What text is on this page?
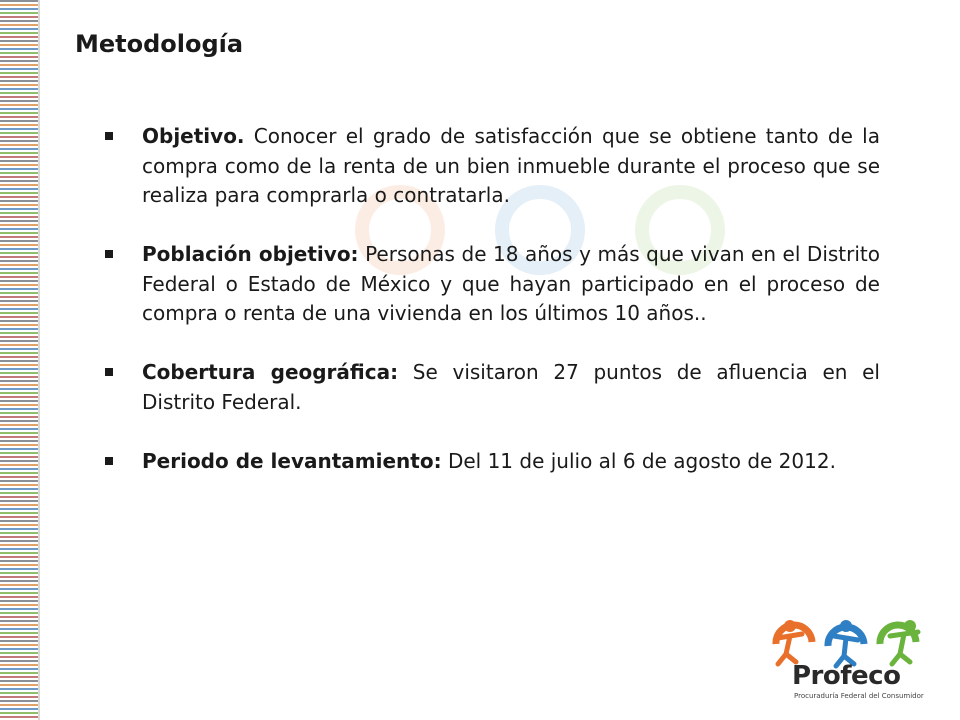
Metodología
Objetivo. Conocer el grado de satisfacción que se obtiene tanto de la compra como de la renta de un bien inmueble durante el proceso que se realiza para comprarla o contratarla.
Población objetivo: Personas de 18 años y más que vivan en el Distrito Federal o Estado de México y que hayan participado en el proceso de compra o renta de una vivienda en los últimos 10 años..
Cobertura geográfica: Se visitaron 27 puntos de afluencia en el Distrito Federal.
Periodo de levantamiento: Del 11 de julio al 6 de agosto de 2012.
Profeco
Procuraduría Federal del Consumidor
